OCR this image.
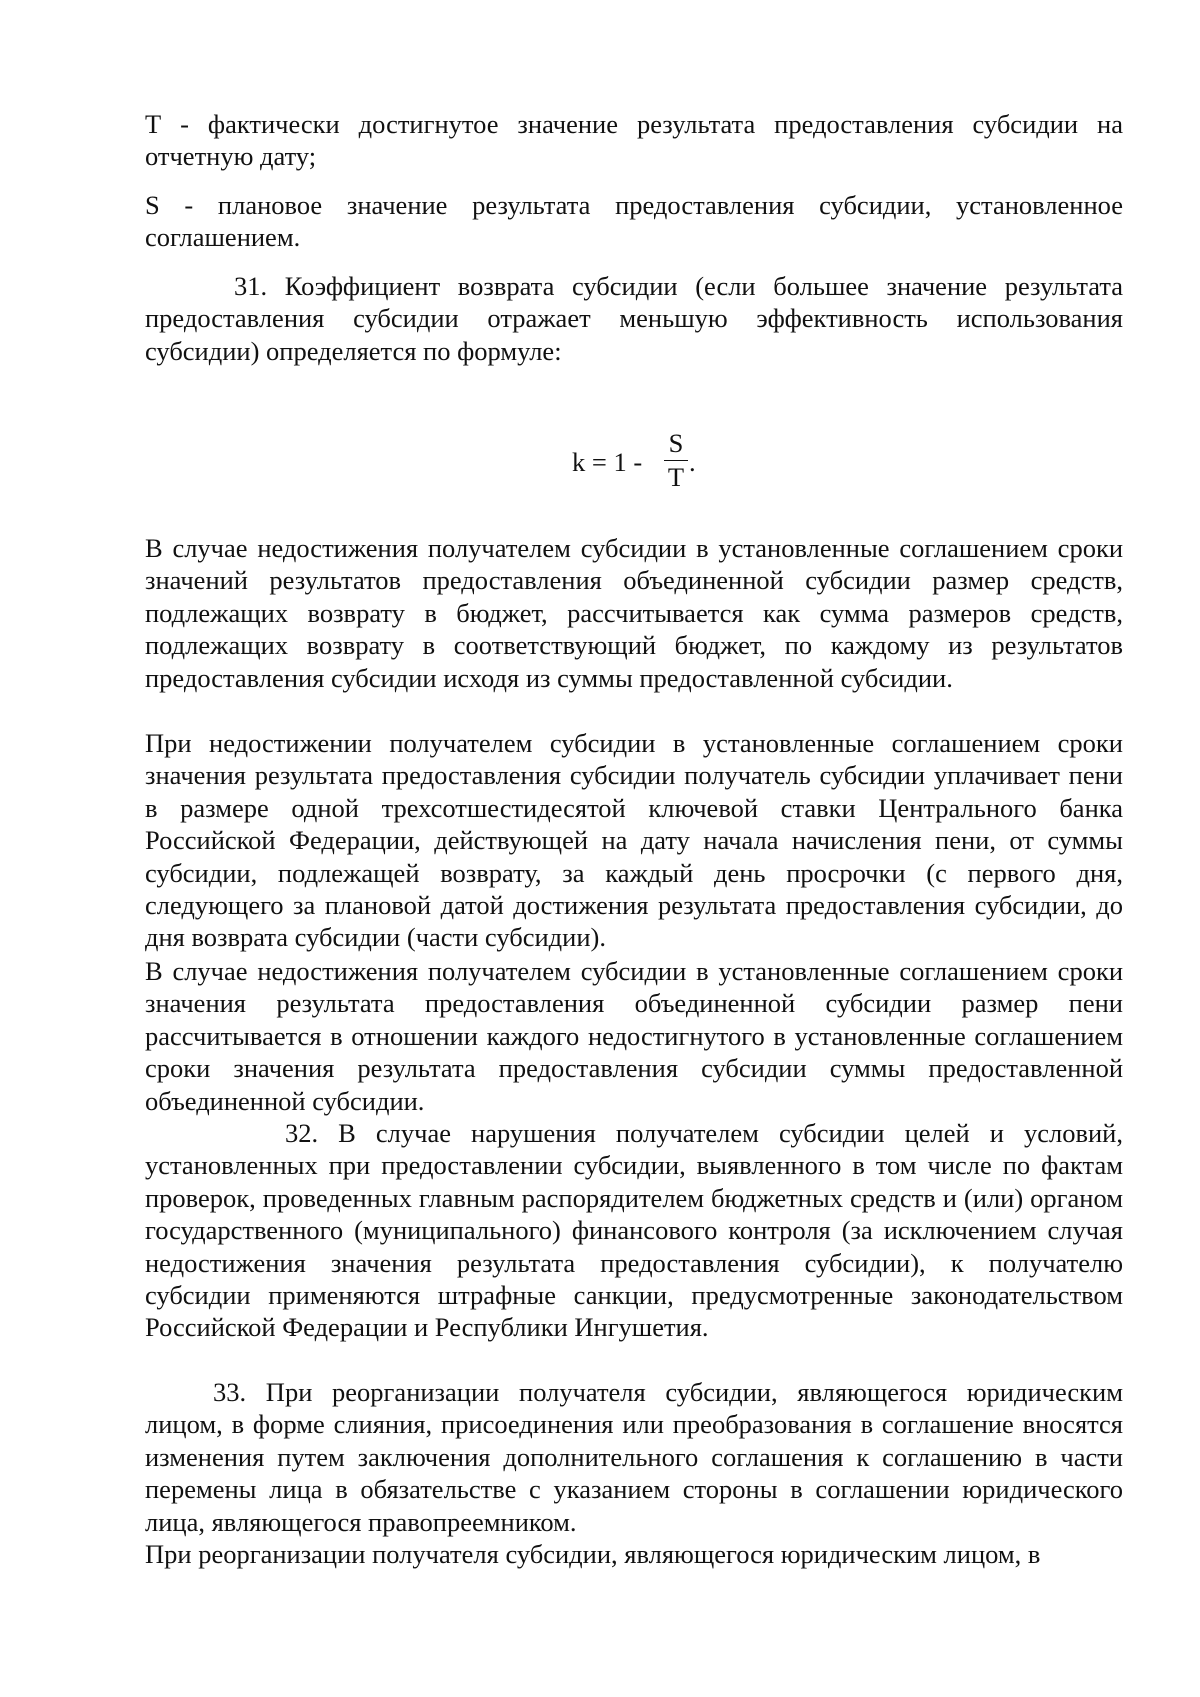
Т - фактически достигнутое значение результата предоставления субсидии на отчетную дату;

S - плановое значение результата предоставления субсидии, установленное соглашением.

31. Коэффициент возврата субсидии (если большее значение результата предоставления субсидии отражает меньшую эффективность использования субсидии) определяется по формуле:

k = 1 -
S
T .

В случае недостижения получателем субсидии в установленные соглашением сроки значений результатов предоставления объединенной субсидии размер средств, подлежащих возврату в бюджет, рассчитывается как сумма размеров средств, подлежащих возврату в соответствующий бюджет, по каждому из результатов предоставления субсидии исходя из суммы предоставленной субсидии.

При недостижении получателем субсидии в установленные соглашением сроки значения результата предоставления субсидии получатель субсидии уплачивает пени в размере одной трехсотшестидесятой ключевой ставки Центрального банка Российской Федерации, действующей на дату начала начисления пени, от суммы субсидии, подлежащей возврату, за каждый день просрочки (с первого дня, следующего за плановой датой достижения результата предоставления субсидии, до дня возврата субсидии (части субсидии).

В случае недостижения получателем субсидии в установленные соглашением сроки значения результата предоставления объединенной субсидии размер пени рассчитывается в отношении каждого недостигнутого в установленные соглашением сроки значения результата предоставления субсидии суммы предоставленной объединенной субсидии.

32. В случае нарушения получателем субсидии целей и условий, установленных при предоставлении субсидии, выявленного в том числе по фактам проверок, проведенных главным распорядителем бюджетных средств и (или) органом государственного (муниципального) финансового контроля (за исключением случая недостижения значения результата предоставления субсидии), к получателю субсидии применяются штрафные санкции, предусмотренные законодательством Российской Федерации и Республики Ингушетия.

33. При реорганизации получателя субсидии, являющегося юридическим лицом, в форме слияния, присоединения или преобразования в соглашение вносятся изменения путем заключения дополнительного соглашения к соглашению в части перемены лица в обязательстве с указанием стороны в соглашении юридического лица, являющегося правопреемником.

При реорганизации получателя субсидии, являющегося юридическим лицом, в
